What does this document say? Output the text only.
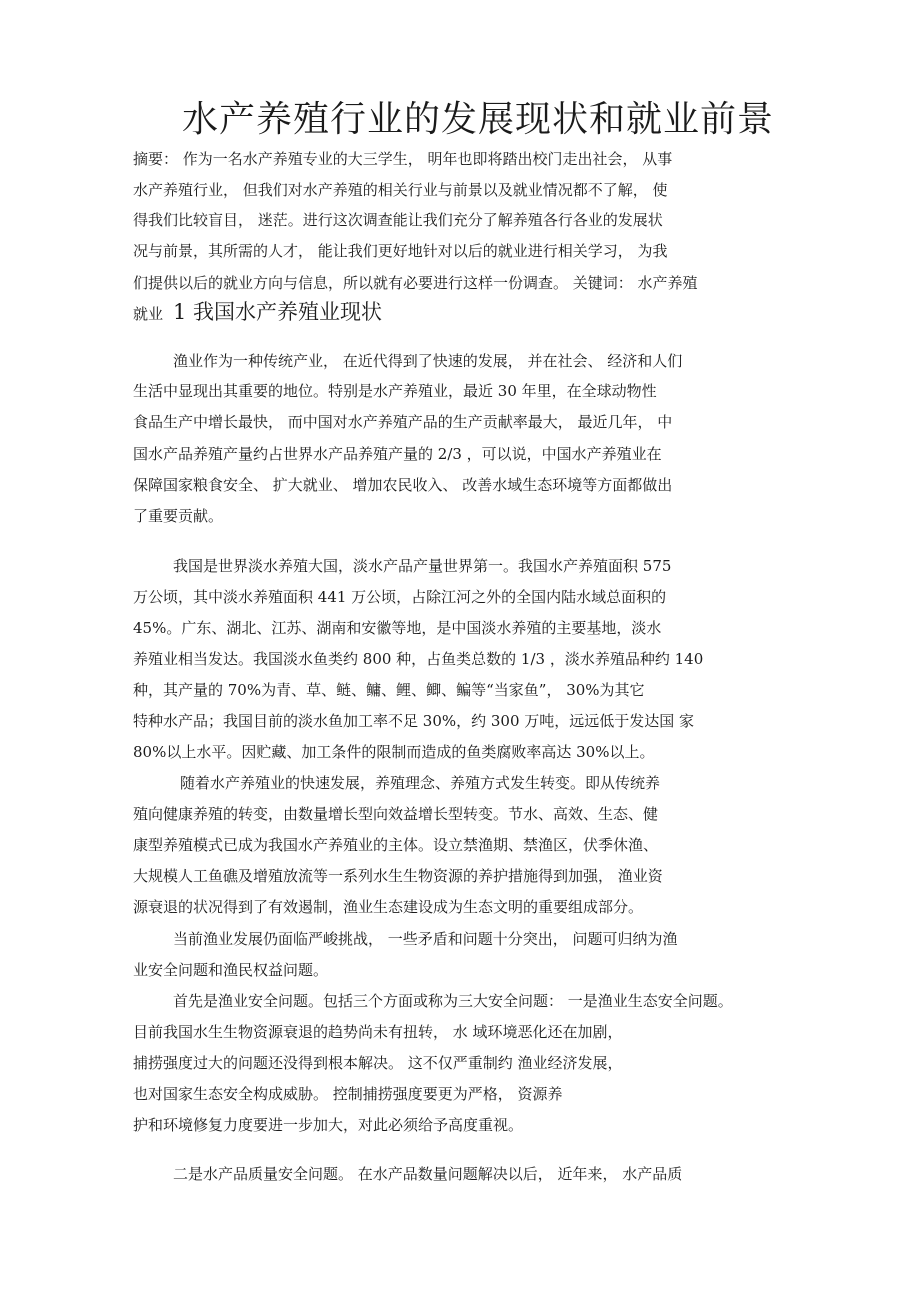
水产养殖行业的发展现状和就业前景
摘要： 作为一名水产养殖专业的大三学生， 明年也即将踏出校门走出社会， 从事
水产养殖行业， 但我们对水产养殖的相关行业与前景以及就业情况都不了解， 使
得我们比较盲目， 迷茫。进行这次调查能让我们充分了解养殖各行各业的发展状
况与前景，其所需的人才， 能让我们更好地针对以后的就业进行相关学习， 为我
们提供以后的就业方向与信息，所以就有必要进行这样一份调查。 关键词： 水产养殖
就业 1 我国水产养殖业现状
渔业作为一种传统产业， 在近代得到了快速的发展， 并在社会、 经济和人们
生活中显现出其重要的地位。特别是水产养殖业，最近 30 年里，在全球动物性
食品生产中增长最快， 而中国对水产养殖产品的生产贡献率最大， 最近几年， 中
国水产品养殖产量约占世界水产品养殖产量的 2/3 ，可以说，中国水产养殖业在
保障国家粮食安全、 扩大就业、 增加农民收入、 改善水域生态环境等方面都做出
了重要贡献。
我国是世界淡水养殖大国，淡水产品产量世界第一。我国水产养殖面积 575
万公顷，其中淡水养殖面积 441 万公顷，占除江河之外的全国内陆水域总面积的
45%。广东、湖北、江苏、湖南和安徽等地，是中国淡水养殖的主要基地，淡水
养殖业相当发达。我国淡水鱼类约 800 种，占鱼类总数的 1/3 ，淡水养殖品种约 140
种，其产量的 70%为青、草、鲢、鳙、鲤、鲫、鳊等“当家鱼”， 30%为其它
特种水产品；我国目前的淡水鱼加工率不足 30%，约 300 万吨，远远低于发达国 家
80%以上水平。因贮藏、加工条件的限制而造成的鱼类腐败率高达 30%以上。
随着水产养殖业的快速发展，养殖理念、养殖方式发生转变。即从传统养
殖向健康养殖的转变，由数量增长型向效益增长型转变。节水、高效、生态、健
康型养殖模式已成为我国水产养殖业的主体。设立禁渔期、禁渔区，伏季休渔、
大规模人工鱼礁及增殖放流等一系列水生生物资源的养护措施得到加强， 渔业资
源衰退的状况得到了有效遏制，渔业生态建设成为生态文明的重要组成部分。
当前渔业发展仍面临严峻挑战， 一些矛盾和问题十分突出， 问题可归纳为渔
业安全问题和渔民权益问题。
首先是渔业安全问题。包括三个方面或称为三大安全问题： 一是渔业生态安全问题。
目前我国水生生物资源衰退的趋势尚未有扭转， 水 域环境恶化还在加剧，
捕捞强度过大的问题还没得到根本解决。 这不仅严重制约 渔业经济发展，
也对国家生态安全构成威胁。 控制捕捞强度要更为严格， 资源养
护和环境修复力度要进一步加大，对此必须给予高度重视。
二是水产品质量安全问题。 在水产品数量问题解决以后， 近年来， 水产品质
